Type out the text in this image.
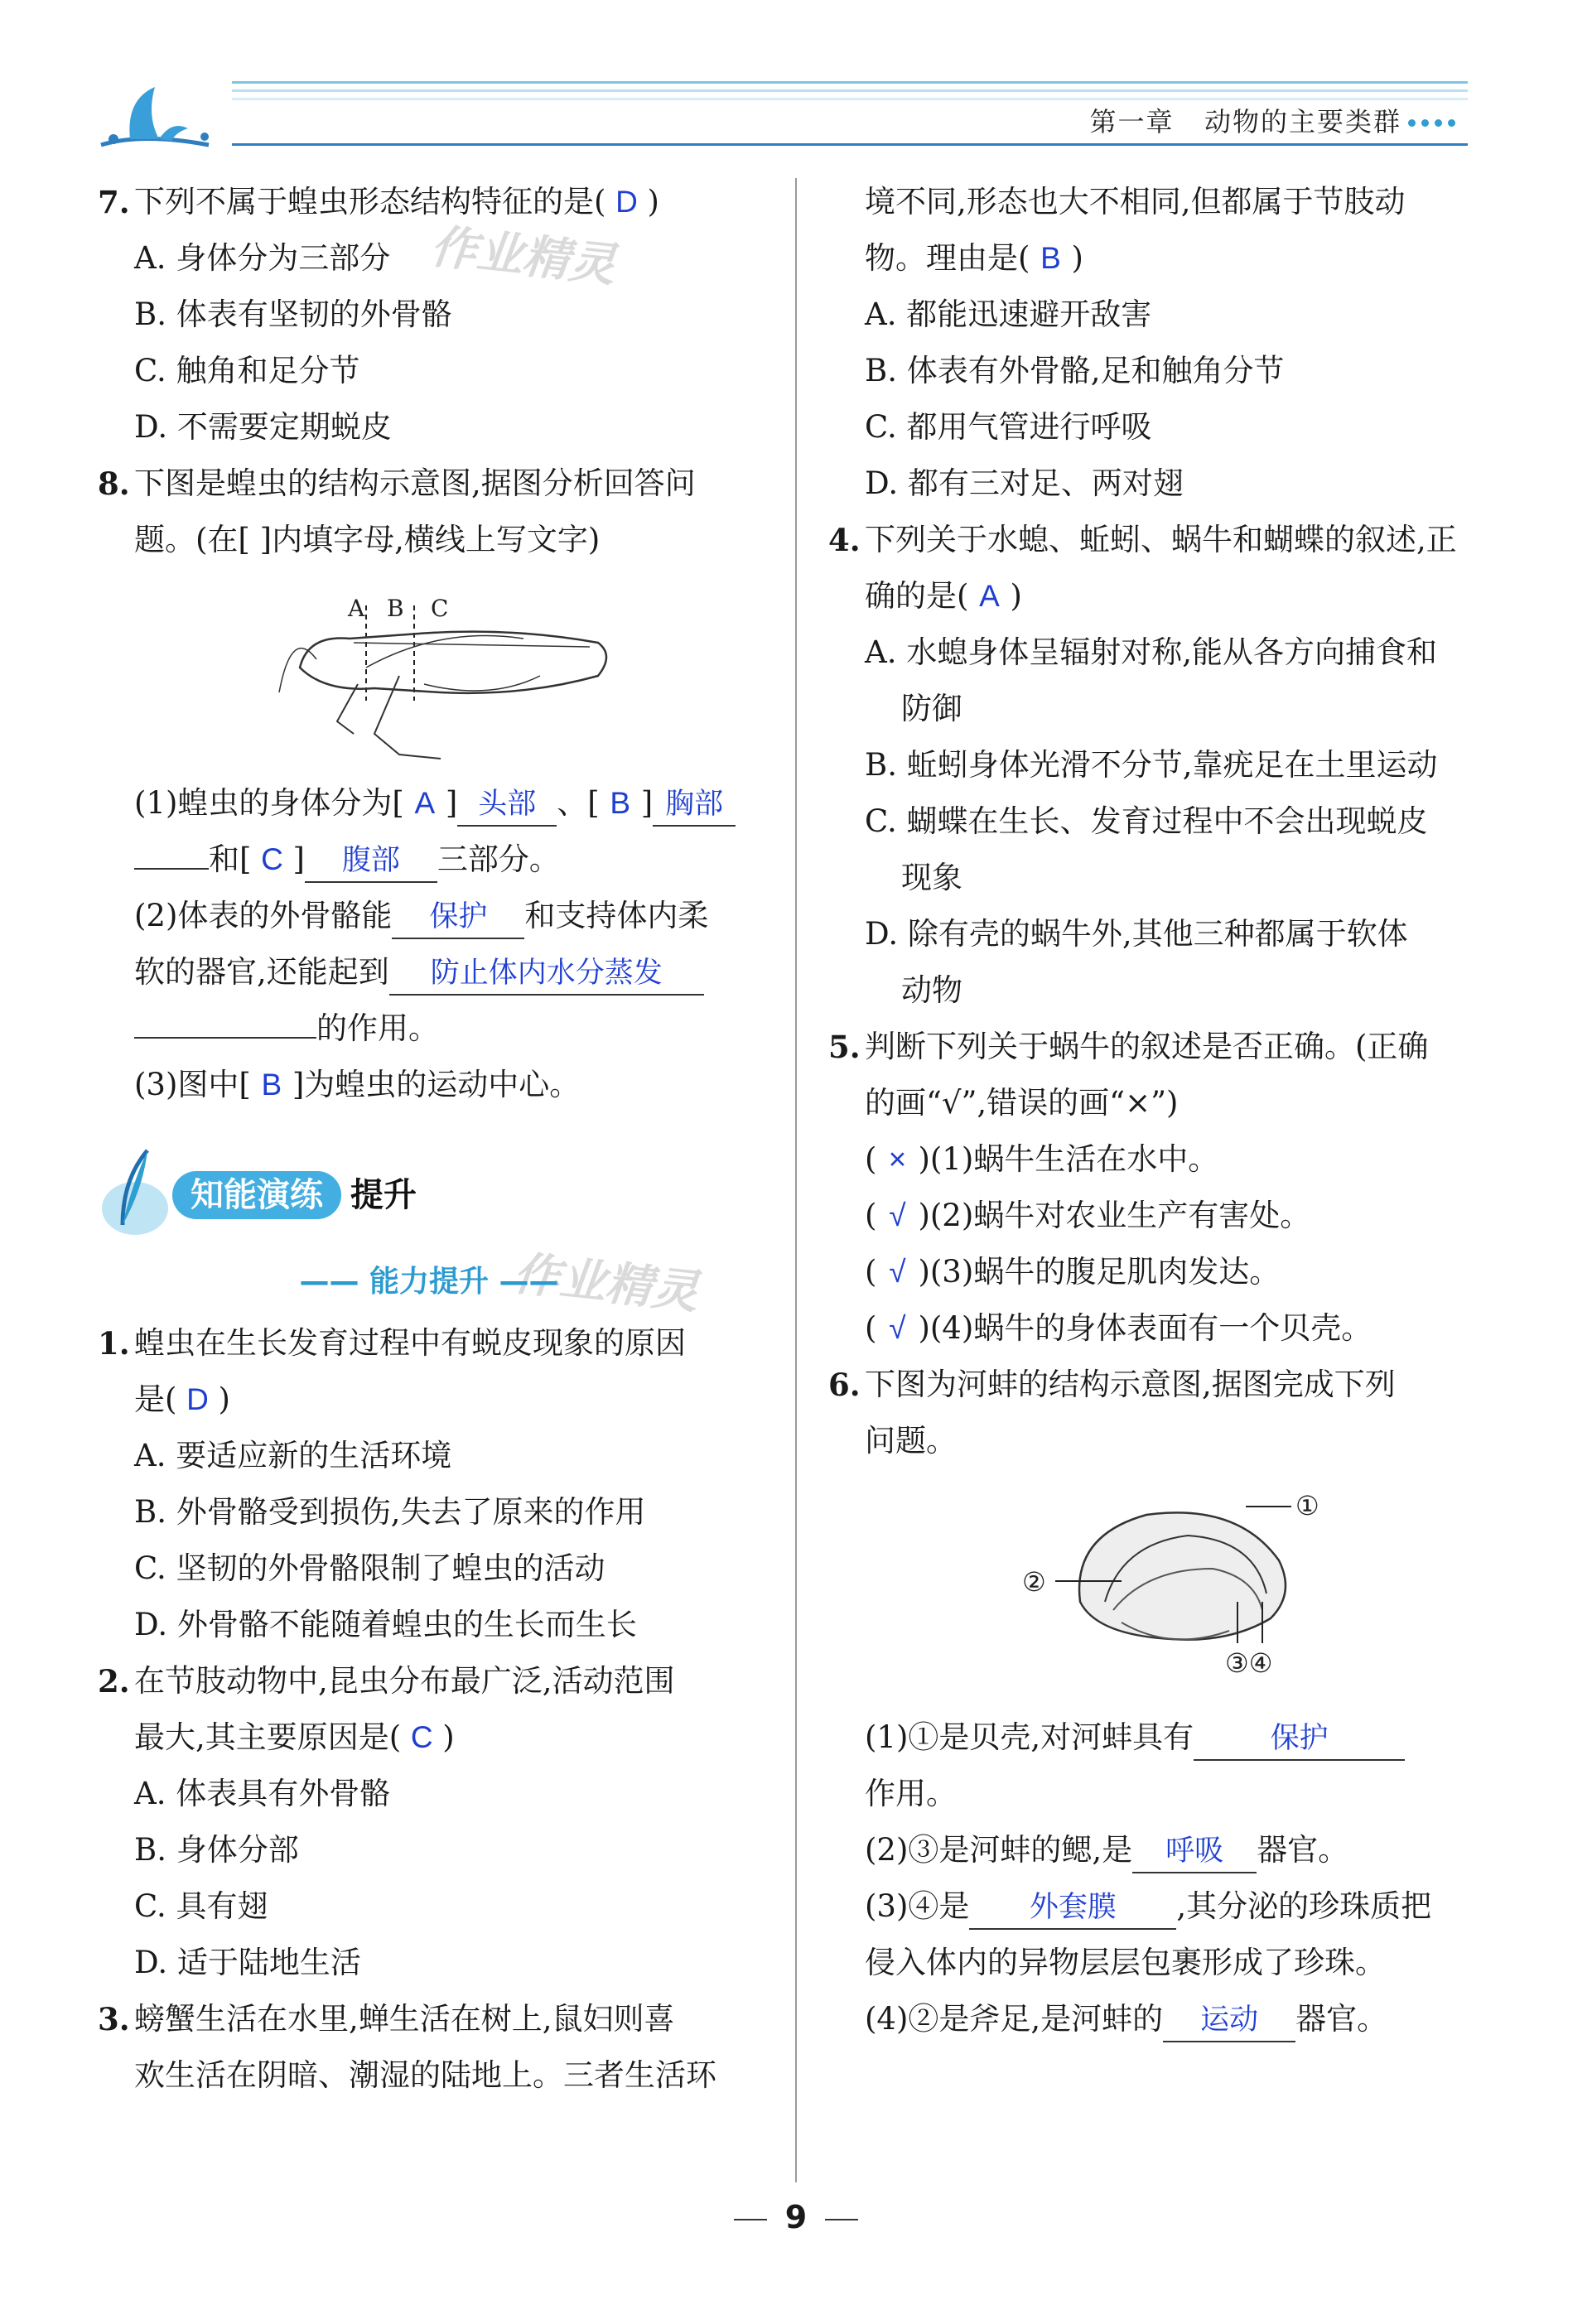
第一章 动物的主要类群
作业精灵
作业精灵
7. 下列不属于蝗虫形态结构特征的是( D )
A. 身体分为三部分
B. 体表有坚韧的外骨骼
C. 触角和足分节
D. 不需要定期蜕皮
8. 下图是蝗虫的结构示意图,据图分析回答问
题。(在[ ]内填字母,横线上写文字)
A B C
(1)蝗虫的身体分为[ A ] 头部 、[ B ] 胸部
和[ C ] 腹部 三部分。
(2)体表的外骨骼能 保护 和支持体内柔
软的器官,还能起到 防止体内水分蒸发
的作用。
(3)图中[ B ]为蝗虫的运动中心。
知能演练 提升
—— 能力提升 ——
1. 蝗虫在生长发育过程中有蜕皮现象的原因
是( D )
A. 要适应新的生活环境
B. 外骨骼受到损伤,失去了原来的作用
C. 坚韧的外骨骼限制了蝗虫的活动
D. 外骨骼不能随着蝗虫的生长而生长
2. 在节肢动物中,昆虫分布最广泛,活动范围
最大,其主要原因是( C )
A. 体表具有外骨骼
B. 身体分部
C. 具有翅
D. 适于陆地生活
3. 螃蟹生活在水里,蝉生活在树上,鼠妇则喜
欢生活在阴暗、潮湿的陆地上。三者生活环
境不同,形态也大不相同,但都属于节肢动
物。理由是( B )
A. 都能迅速避开敌害
B. 体表有外骨骼,足和触角分节
C. 都用气管进行呼吸
D. 都有三对足、两对翅
4. 下列关于水螅、蚯蚓、蜗牛和蝴蝶的叙述,正
确的是( A )
A. 水螅身体呈辐射对称,能从各方向捕食和
防御
B. 蚯蚓身体光滑不分节,靠疣足在土里运动
C. 蝴蝶在生长、发育过程中不会出现蜕皮
现象
D. 除有壳的蜗牛外,其他三种都属于软体
动物
5. 判断下列关于蜗牛的叙述是否正确。(正确
的画“√”,错误的画“×”)
( × )(1)蜗牛生活在水中。
( √ )(2)蜗牛对农业生产有害处。
( √ )(3)蜗牛的腹足肌肉发达。
( √ )(4)蜗牛的身体表面有一个贝壳。
6. 下图为河蚌的结构示意图,据图完成下列
问题。
①
②
③④
(1)①是贝壳,对河蚌具有	保护
作用。
(2)③是河蚌的鳃,是 呼吸 器官。
(3)④是 外套膜 ,其分泌的珍珠质把
侵入体内的异物层层包裹形成了珍珠。
(4)②是斧足,是河蚌的 运动 器官。
9
